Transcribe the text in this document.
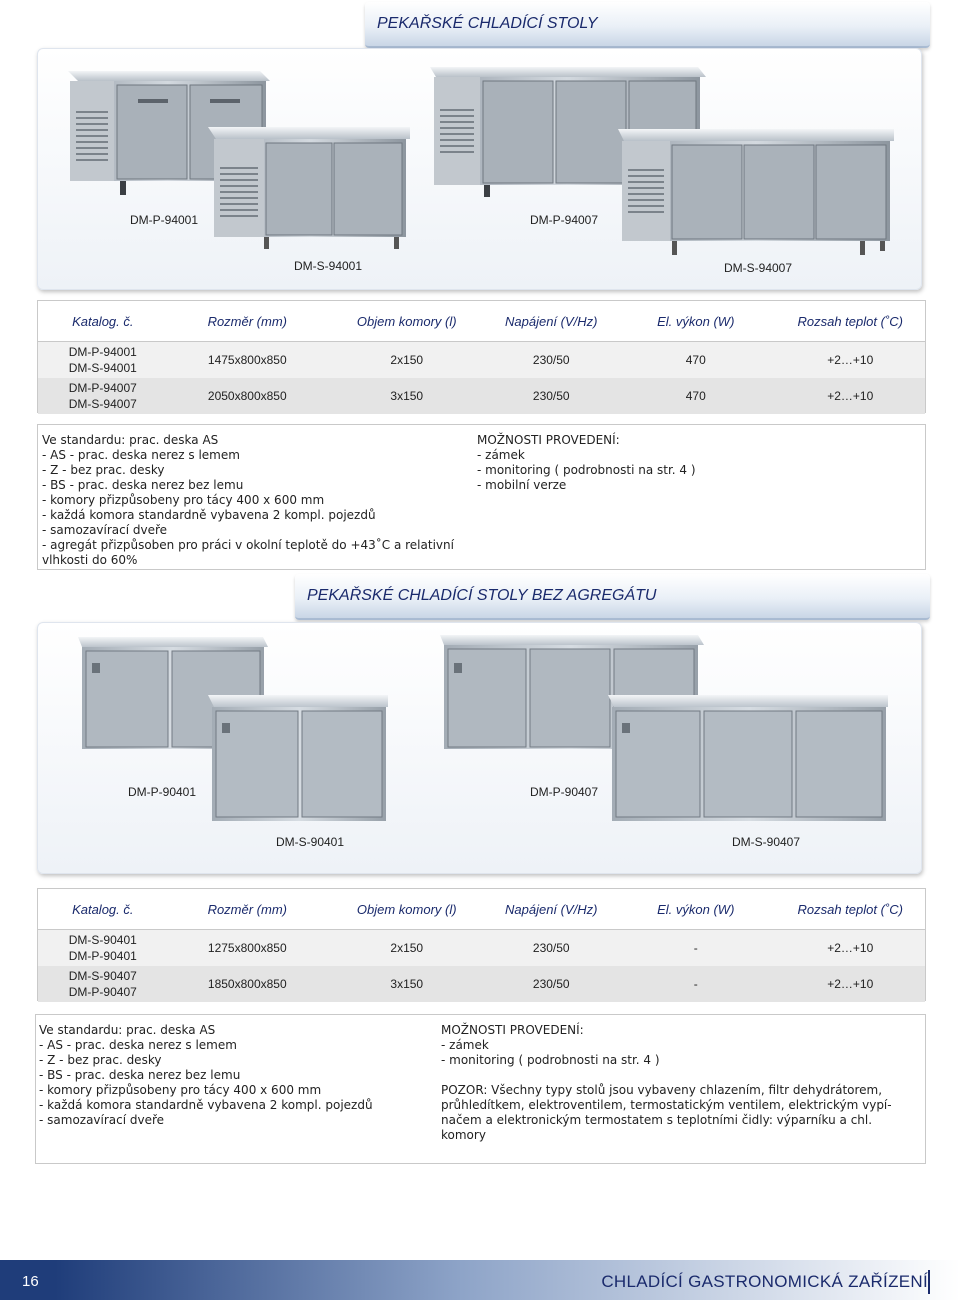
PEKAŘSKÉ CHLADÍCÍ STOLY
DM-P-94001
DM-S-94001
DM-P-94007
DM-S-94007
Katalog. č.	Rozměr (mm)	Objem komory (l)	Napájení (V/Hz)	El. výkon (W)	Rozsah teplot (˚C)
DM-P-94001
DM-S-94001
1475x800x850	2x150	230/50	470	+2…+10
DM-P-94007
DM-S-94007
2050x800x850	3x150	230/50	470	+2…+10
Ve standardu: prac. deska AS
- AS - prac. deska nerez s lemem
- Z - bez prac. desky
- BS - prac. deska nerez bez lemu
- komory přizpůsobeny pro tácy 400 x 600 mm
- každá komora standardně vybavena 2 kompl. pojezdů
- samozavírací dveře
- agregát přizpůsoben pro práci v okolní teplotě do +43˚C a relativní
vlhkosti do 60%
MOŽNOSTI PROVEDENÍ:
- zámek
- monitoring ( podrobnosti na str. 4 )
- mobilní verze
PEKAŘSKÉ CHLADÍCÍ STOLY BEZ AGREGÁTU
DM-P-90401
DM-S-90401
DM-P-90407
DM-S-90407
Katalog. č.	Rozměr (mm)	Objem komory (l)	Napájení (V/Hz)	El. výkon (W)	Rozsah teplot (˚C)
DM-S-90401
DM-P-90401
1275x800x850	2x150	230/50	-	+2…+10
DM-S-90407
DM-P-90407
1850x800x850	3x150	230/50	-	+2…+10
Ve standardu: prac. deska AS
- AS - prac. deska nerez s lemem
- Z - bez prac. desky
- BS - prac. deska nerez bez lemu
- komory přizpůsobeny pro tácy 400 x 600 mm
- každá komora standardně vybavena 2 kompl. pojezdů
- samozavírací dveře
MOŽNOSTI PROVEDENÍ:
- zámek
- monitoring ( podrobnosti na str. 4 )
POZOR: Všechny typy stolů jsou vybaveny chlazením, filtr dehydrátorem,
průhledítkem, elektroventilem, termostatickým ventilem, elektrickým vypí-
načem a elektronickým termostatem s teplotními čidly: výparníku a chl.
komory
16	CHLADÍCÍ GASTRONOMICKÁ ZAŘÍZENÍ
